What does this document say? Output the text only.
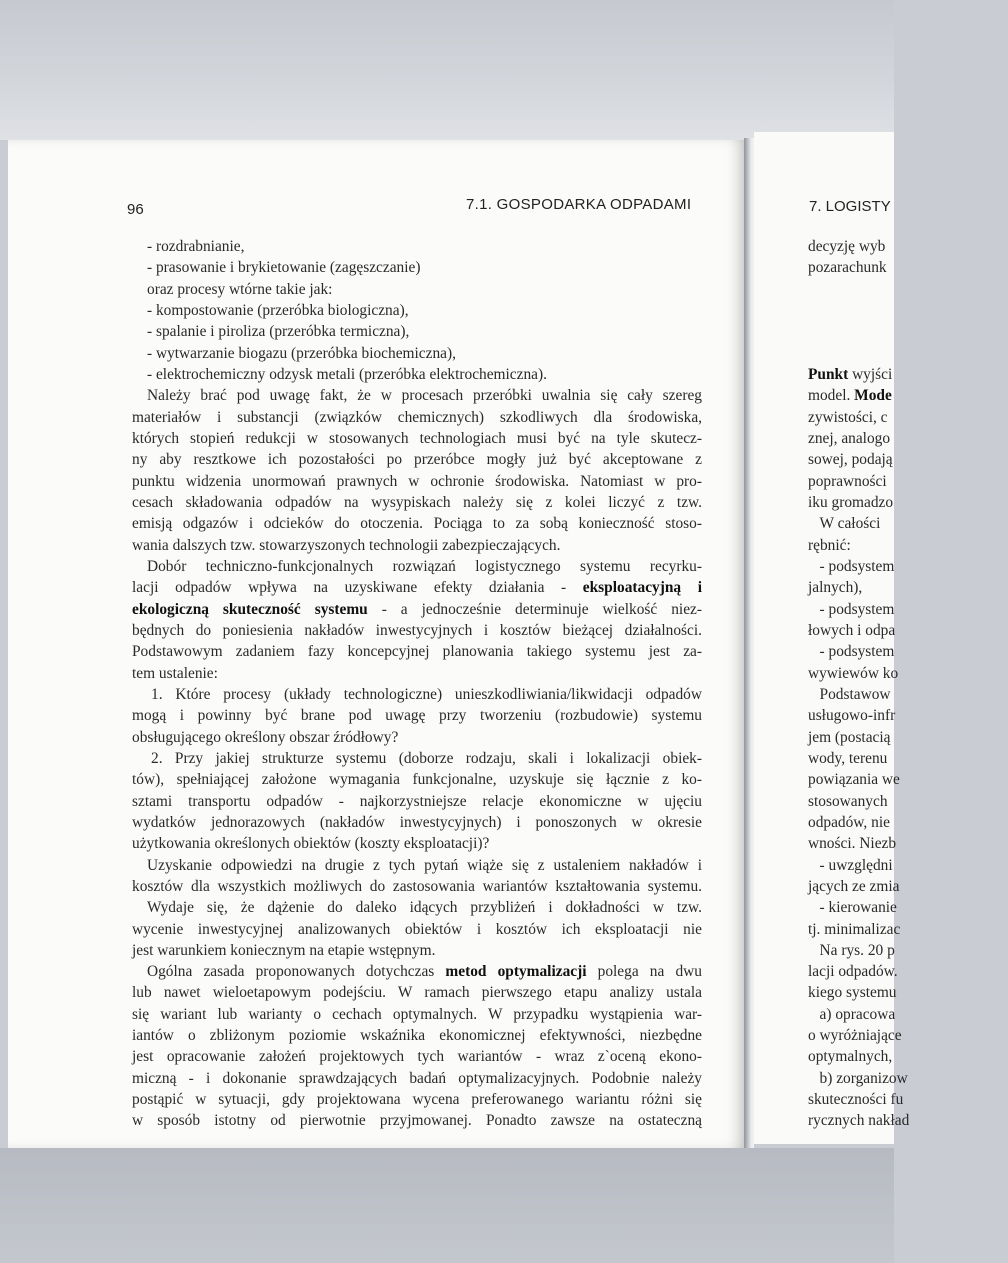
96	7.1. GOSPODARKA ODPADAMI	7. LOGISTY
- rozdrabnianie,
- prasowanie i brykietowanie (zagęszczanie)
oraz procesy wtórne takie jak:
- kompostowanie (przeróbka biologiczna),
- spalanie i piroliza (przeróbka termiczna),
- wytwarzanie biogazu (przeróbka biochemiczna),
- elektrochemiczny odzysk metali (przeróbka elektrochemiczna).
Należy brać pod uwagę fakt, że w procesach przeróbki uwalnia się cały szereg
materiałów i substancji (związków chemicznych) szkodliwych dla środowiska,
których stopień redukcji w stosowanych technologiach musi być na tyle skutecz-
ny aby resztkowe ich pozostałości po przeróbce mogły już być akceptowane z
punktu widzenia unormowań prawnych w ochronie środowiska. Natomiast w pro-
cesach składowania odpadów na wysypiskach należy się z kolei liczyć z tzw.
emisją odgazów i odcieków do otoczenia. Pociąga to za sobą konieczność stoso-
wania dalszych tzw. stowarzyszonych technologii zabezpieczających.
Dobór techniczno-funkcjonalnych rozwiązań logistycznego systemu recyrku-
lacji odpadów wpływa na uzyskiwane efekty działania - eksploatacyjną i
ekologiczną skuteczność systemu - a jednocześnie determinuje wielkość niez-
będnych do poniesienia nakładów inwestycyjnych i kosztów bieżącej działalności.
Podstawowym zadaniem fazy koncepcyjnej planowania takiego systemu jest za-
tem ustalenie:
1. Które procesy (układy technologiczne) unieszkodliwiania/likwidacji odpadów
mogą i powinny być brane pod uwagę przy tworzeniu (rozbudowie) systemu
obsługującego określony obszar źródłowy?
2. Przy jakiej strukturze systemu (doborze rodzaju, skali i lokalizacji obiek-
tów), spełniającej założone wymagania funkcjonalne, uzyskuje się łącznie z ko-
sztami transportu odpadów - najkorzystniejsze relacje ekonomiczne w ujęciu
wydatków jednorazowych (nakładów inwestycyjnych) i ponoszonych w okresie
użytkowania określonych obiektów (koszty eksploatacji)?
Uzyskanie odpowiedzi na drugie z tych pytań wiąże się z ustaleniem nakładów i
kosztów dla wszystkich możliwych do zastosowania wariantów kształtowania systemu.
Wydaje się, że dążenie do daleko idących przybliżeń i dokładności w tzw.
wycenie inwestycyjnej analizowanych obiektów i kosztów ich eksploatacji nie
jest warunkiem koniecznym na etapie wstępnym.
Ogólna zasada proponowanych dotychczas metod optymalizacji polega na dwu
lub nawet wieloetapowym podejściu. W ramach pierwszego etapu analizy ustala
się wariant lub warianty o cechach optymalnych. W przypadku wystąpienia war-
iantów o zbliżonym poziomie wskaźnika ekonomicznej efektywności, niezbędne
jest opracowanie założeń projektowych tych wariantów - wraz z`oceną ekono-
miczną - i dokonanie sprawdzających badań optymalizacyjnych. Podobnie należy
postąpić w sytuacji, gdy projektowana wycena preferowanego wariantu różni się
w sposób istotny od pierwotnie przyjmowanej. Ponadto zawsze na ostateczną
decyzję wyb
pozarachunk
Punkt wyjści
model. Mode
zywistości, c
znej, analogo
sowej, podają
poprawności
iku gromadzo
W całości
rębnić:
- podsystem
jalnych),
- podsystem
łowych i odpa
- podsystem
wywiewów ko
Podstawow
usługowo-infr
jem (postacią
wody, terenu
powiązania we
stosowanych
odpadów, nie
wności. Niezb
- uwzględni
jących ze zmia
- kierowanie
tj. minimalizac
Na rys. 20 p
lacji odpadów.
kiego systemu
a) opracowa
o wyróżniające
optymalnych,
b) zorganizow
skuteczności fu
rycznych nakład
